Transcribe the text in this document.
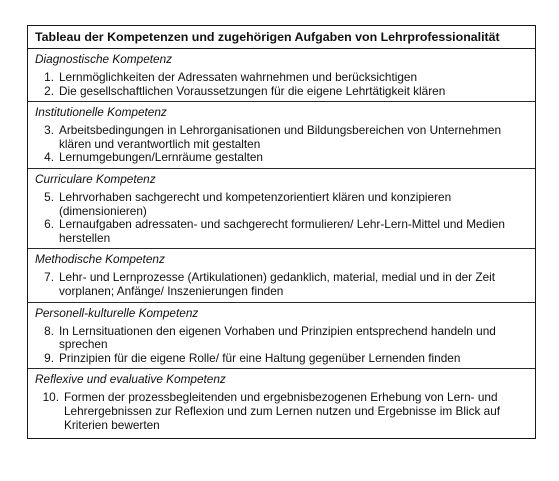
Tableau der Kompetenzen und zugehörigen Aufgaben von Lehrprofessionalität
Diagnostische Kompetenz
1. Lernmöglichkeiten der Adressaten wahrnehmen und berücksichtigen
2. Die gesellschaftlichen Voraussetzungen für die eigene Lehrtätigkeit klären
Institutionelle Kompetenz
3. Arbeitsbedingungen in Lehrorganisationen und Bildungsbereichen von Unternehmen klären und verantwortlich mit gestalten
4. Lernumgebungen/Lernräume gestalten
Curriculare Kompetenz
5. Lehrvorhaben sachgerecht und kompetenzorientiert klären und konzipieren (dimensionieren)
6. Lernaufgaben adressaten- und sachgerecht formulieren/ Lehr-Lern-Mittel und Medien herstellen
Methodische Kompetenz
7. Lehr- und Lernprozesse (Artikulationen) gedanklich, material, medial und in der Zeit vorplanen; Anfänge/ Inszenierungen finden
Personell-kulturelle Kompetenz
8. In Lernsituationen den eigenen Vorhaben und Prinzipien entsprechend handeln und sprechen
9. Prinzipien für die eigene Rolle/ für eine Haltung gegenüber Lernenden finden
Reflexive und evaluative Kompetenz
10. Formen der prozessbegleitenden und ergebnisbezogenen Erhebung von Lern- und Lehrergebnissen zur Reflexion und zum Lernen nutzen und Ergebnisse im Blick auf Kriterien bewerten
